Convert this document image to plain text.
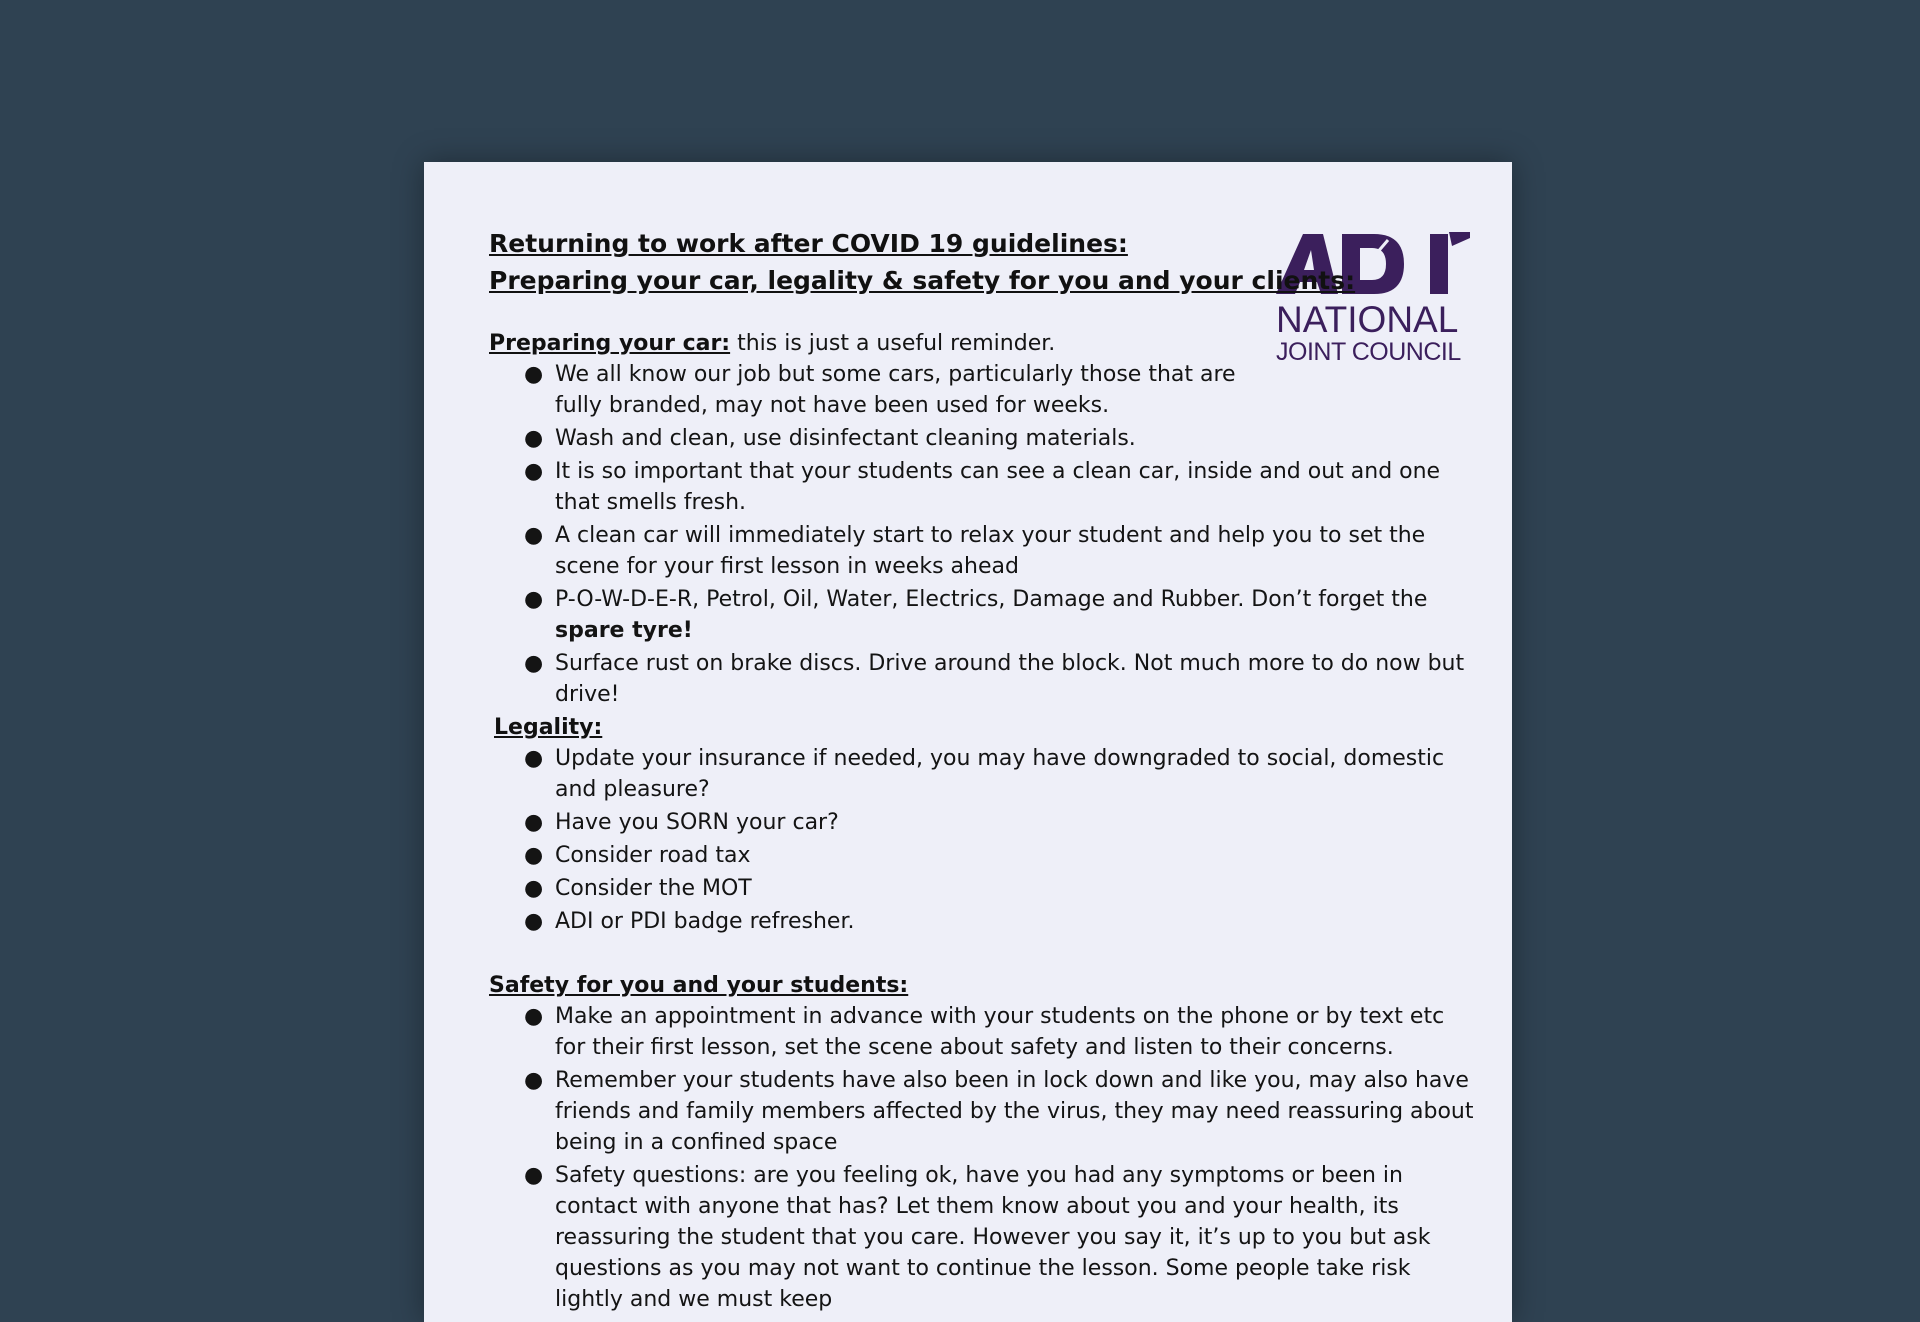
NATIONAL
JOINT COUNCIL
Returning to work after COVID 19 guidelines:
Preparing your car, legality & safety for you and your clients:
Preparing your car: this is just a useful reminder.
● We all know our job but some cars, particularly those that are fully branded, may not have been used for weeks.
● Wash and clean, use disinfectant cleaning materials.
● It is so important that your students can see a clean car, inside and out and one that smells fresh.
● A clean car will immediately start to relax your student and help you to set the scene for your first lesson in weeks ahead
● P-O-W-D-E-R, Petrol, Oil, Water, Electrics, Damage and Rubber. Don’t forget the spare tyre!
● Surface rust on brake discs. Drive around the block. Not much more to do now but drive!
Legality:
● Update your insurance if needed, you may have downgraded to social, domestic and pleasure?
● Have you SORN your car?
● Consider road tax
● Consider the MOT
● ADI or PDI badge refresher.
Safety for you and your students:
● Make an appointment in advance with your students on the phone or by text etc for their first lesson, set the scene about safety and listen to their concerns.
● Remember your students have also been in lock down and like you, may also have friends and family members affected by the virus, they may need reassuring about being in a confined space
● Safety questions: are you feeling ok, have you had any symptoms or been in contact with anyone that has? Let them know about you and your health, its reassuring the student that you care. However you say it, it’s up to you but ask questions as you may not want to continue the lesson. Some people take risk lightly and we must keep
